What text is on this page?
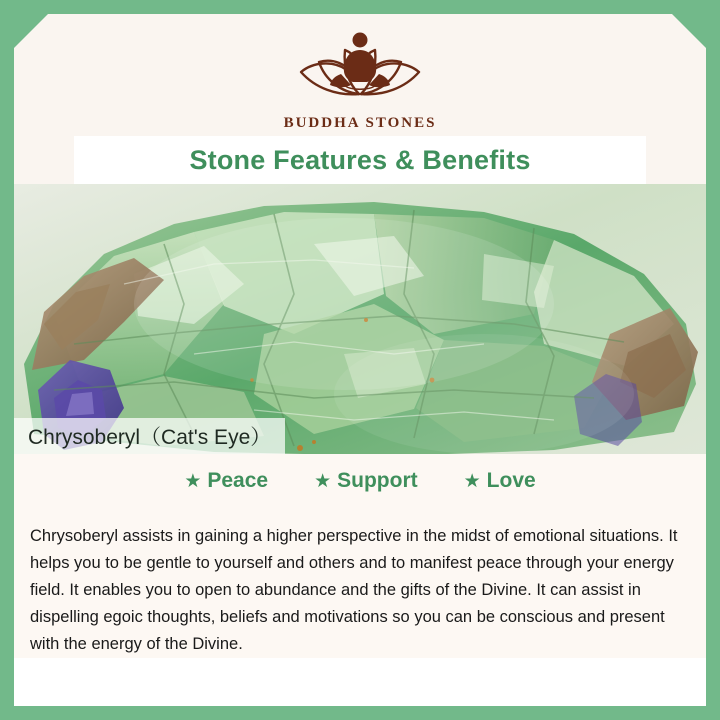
BUDDHA STONES
Stone Features & Benefits
Chrysoberyl（Cat's Eye）
★ Peace ★ Support ★ Love

Chrysoberyl assists in gaining a higher perspective in the midst of emotional situations. It helps you to be gentle to yourself and others and to manifest peace through your energy field. It enables you to open to abundance and the gifts of the Divine. It can assist in dispelling egoic thoughts, beliefs and motivations so you can be conscious and present with the energy of the Divine.
